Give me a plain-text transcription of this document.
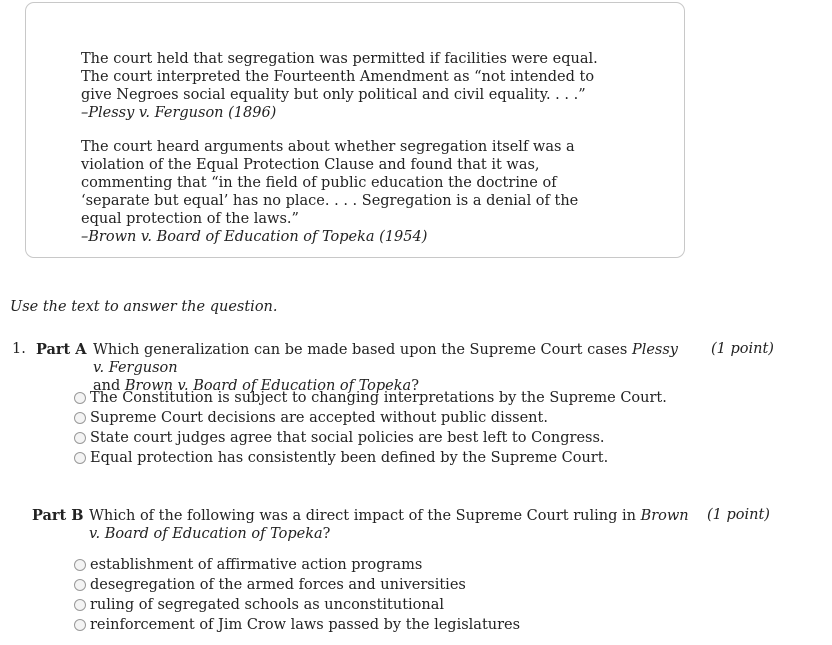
The court held that segregation was permitted if facilities were equal. The court interpreted the Fourteenth Amendment as “not intended to give Negroes social equality but only political and civil equality. . . .”
–Plessy v. Ferguson (1896)
The court heard arguments about whether segregation itself was a violation of the Equal Protection Clause and found that it was, commenting that “in the field of public education the doctrine of ‘separate but equal’ has no place. . . . Segregation is a denial of the equal protection of the laws.”
–Brown v. Board of Education of Topeka (1954)
Use the text to answer the question.
1. Part A Which generalization can be made based upon the Supreme Court cases Plessy v. Ferguson
and Brown v. Board of Education of Topeka?
(1 point)
The Constitution is subject to changing interpretations by the Supreme Court.
Supreme Court decisions are accepted without public dissent.
State court judges agree that social policies are best left to Congress.
Equal protection has consistently been defined by the Supreme Court.
Part B Which of the following was a direct impact of the Supreme Court ruling in Brown v. Board of Education of Topeka?
(1 point)
establishment of affirmative action programs
desegregation of the armed forces and universities
ruling of segregated schools as unconstitutional
reinforcement of Jim Crow laws passed by the legislatures
